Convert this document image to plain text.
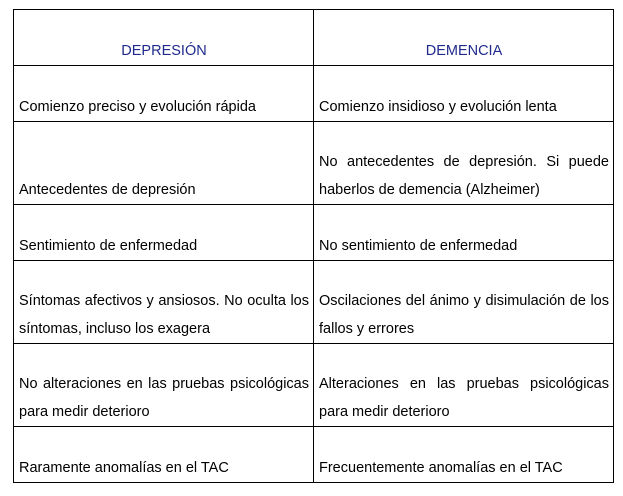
DEPRESIÓN	DEMENCIA
Comienzo preciso y evolución rápida	Comienzo insidioso y evolución lenta
Antecedentes de depresión	No antecedentes de depresión. Si puede haberlos de demencia (Alzheimer)
Sentimiento de enfermedad	No sentimiento de enfermedad
Síntomas afectivos y ansiosos. No oculta los síntomas, incluso los exagera	Oscilaciones del ánimo y disimulación de los fallos y errores
No alteraciones en las pruebas psicológicas para medir deterioro	Alteraciones en las pruebas psicológicas para medir deterioro
Raramente anomalías en el TAC	Frecuentemente anomalías en el TAC
